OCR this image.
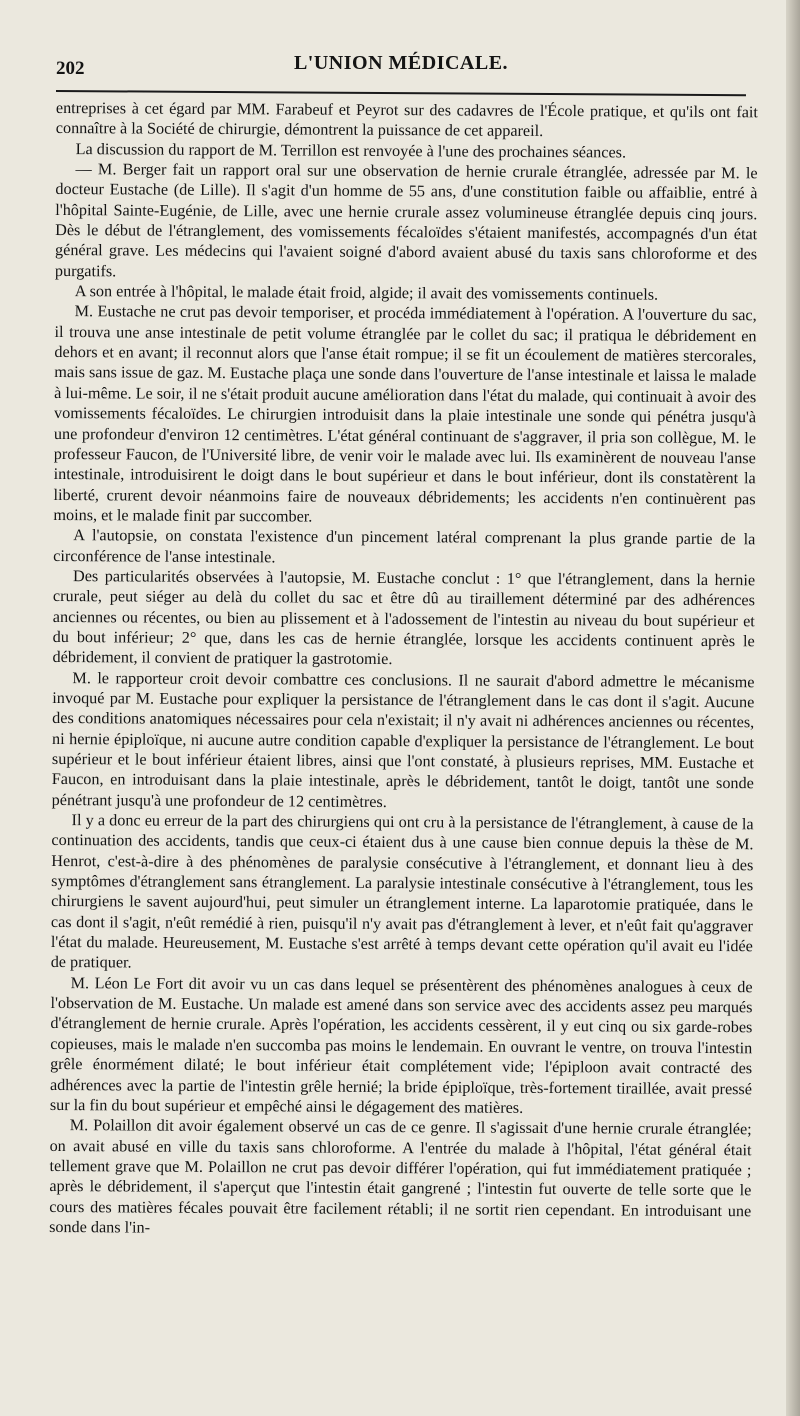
202	L'UNION MÉDICALE.

entreprises à cet égard par MM. Farabeuf et Peyrot sur des cadavres de l'École pratique, et qu'ils ont fait connaître à la Société de chirurgie, démontrent la puissance de cet appareil.

La discussion du rapport de M. Terrillon est renvoyée à l'une des prochaines séances.

— M. Berger fait un rapport oral sur une observation de hernie crurale étranglée, adressée par M. le docteur Eustache (de Lille). Il s'agit d'un homme de 55 ans, d'une constitution faible ou affaiblie, entré à l'hôpital Sainte-Eugénie, de Lille, avec une hernie crurale assez volumineuse étranglée depuis cinq jours. Dès le début de l'étranglement, des vomissements fécaloïdes s'étaient manifestés, accompagnés d'un état général grave. Les médecins qui l'avaient soigné d'abord avaient abusé du taxis sans chloroforme et des purgatifs.

A son entrée à l'hôpital, le malade était froid, algide; il avait des vomissements continuels.

M. Eustache ne crut pas devoir temporiser, et procéda immédiatement à l'opération. A l'ouverture du sac, il trouva une anse intestinale de petit volume étranglée par le collet du sac; il pratiqua le débridement en dehors et en avant; il reconnut alors que l'anse était rompue; il se fit un écoulement de matières stercorales, mais sans issue de gaz. M. Eustache plaça une sonde dans l'ouverture de l'anse intestinale et laissa le malade à lui-même. Le soir, il ne s'était produit aucune amélioration dans l'état du malade, qui continuait à avoir des vomissements fécaloïdes. Le chirurgien introduisit dans la plaie intestinale une sonde qui pénétra jusqu'à une profondeur d'environ 12 centimètres. L'état général continuant de s'aggraver, il pria son collègue, M. le professeur Faucon, de l'Université libre, de venir voir le malade avec lui. Ils examinèrent de nouveau l'anse intestinale, introduisirent le doigt dans le bout supérieur et dans le bout inférieur, dont ils constatèrent la liberté, crurent devoir néanmoins faire de nouveaux débridements; les accidents n'en continuèrent pas moins, et le malade finit par succomber.

A l'autopsie, on constata l'existence d'un pincement latéral comprenant la plus grande partie de la circonférence de l'anse intestinale.

Des particularités observées à l'autopsie, M. Eustache conclut : 1° que l'étranglement, dans la hernie crurale, peut siéger au delà du collet du sac et être dû au tiraillement déterminé par des adhérences anciennes ou récentes, ou bien au plissement et à l'adossement de l'intestin au niveau du bout supérieur et du bout inférieur; 2° que, dans les cas de hernie étranglée, lorsque les accidents continuent après le débridement, il convient de pratiquer la gastrotomie.

M. le rapporteur croit devoir combattre ces conclusions. Il ne saurait d'abord admettre le mécanisme invoqué par M. Eustache pour expliquer la persistance de l'étranglement dans le cas dont il s'agit. Aucune des conditions anatomiques nécessaires pour cela n'existait; il n'y avait ni adhérences anciennes ou récentes, ni hernie épiploïque, ni aucune autre condition capable d'expliquer la persistance de l'étranglement. Le bout supérieur et le bout inférieur étaient libres, ainsi que l'ont constaté, à plusieurs reprises, MM. Eustache et Faucon, en introduisant dans la plaie intestinale, après le débridement, tantôt le doigt, tantôt une sonde pénétrant jusqu'à une profondeur de 12 centimètres.

Il y a donc eu erreur de la part des chirurgiens qui ont cru à la persistance de l'étranglement, à cause de la continuation des accidents, tandis que ceux-ci étaient dus à une cause bien connue depuis la thèse de M. Henrot, c'est-à-dire à des phénomènes de paralysie consécutive à l'étranglement, et donnant lieu à des symptômes d'étranglement sans étranglement. La paralysie intestinale consécutive à l'étranglement, tous les chirurgiens le savent aujourd'hui, peut simuler un étranglement interne. La laparotomie pratiquée, dans le cas dont il s'agit, n'eût remédié à rien, puisqu'il n'y avait pas d'étranglement à lever, et n'eût fait qu'aggraver l'état du malade. Heureusement, M. Eustache s'est arrêté à temps devant cette opération qu'il avait eu l'idée de pratiquer.

M. Léon Le Fort dit avoir vu un cas dans lequel se présentèrent des phénomènes analogues à ceux de l'observation de M. Eustache. Un malade est amené dans son service avec des accidents assez peu marqués d'étranglement de hernie crurale. Après l'opération, les accidents cessèrent, il y eut cinq ou six garde-robes copieuses, mais le malade n'en succomba pas moins le lendemain. En ouvrant le ventre, on trouva l'intestin grêle énormément dilaté; le bout inférieur était complétement vide; l'épiploon avait contracté des adhérences avec la partie de l'intestin grêle hernié; la bride épiploïque, très-fortement tiraillée, avait pressé sur la fin du bout supérieur et empêché ainsi le dégagement des matières.

M. Polaillon dit avoir également observé un cas de ce genre. Il s'agissait d'une hernie crurale étranglée; on avait abusé en ville du taxis sans chloroforme. A l'entrée du malade à l'hôpital, l'état général était tellement grave que M. Polaillon ne crut pas devoir différer l'opération, qui fut immédiatement pratiquée ; après le débridement, il s'aperçut que l'intestin était gangrené ; l'intestin fut ouverte de telle sorte que le cours des matières fécales pouvait être facilement rétabli; il ne sortit rien cependant. En introduisant une sonde dans l'in-
